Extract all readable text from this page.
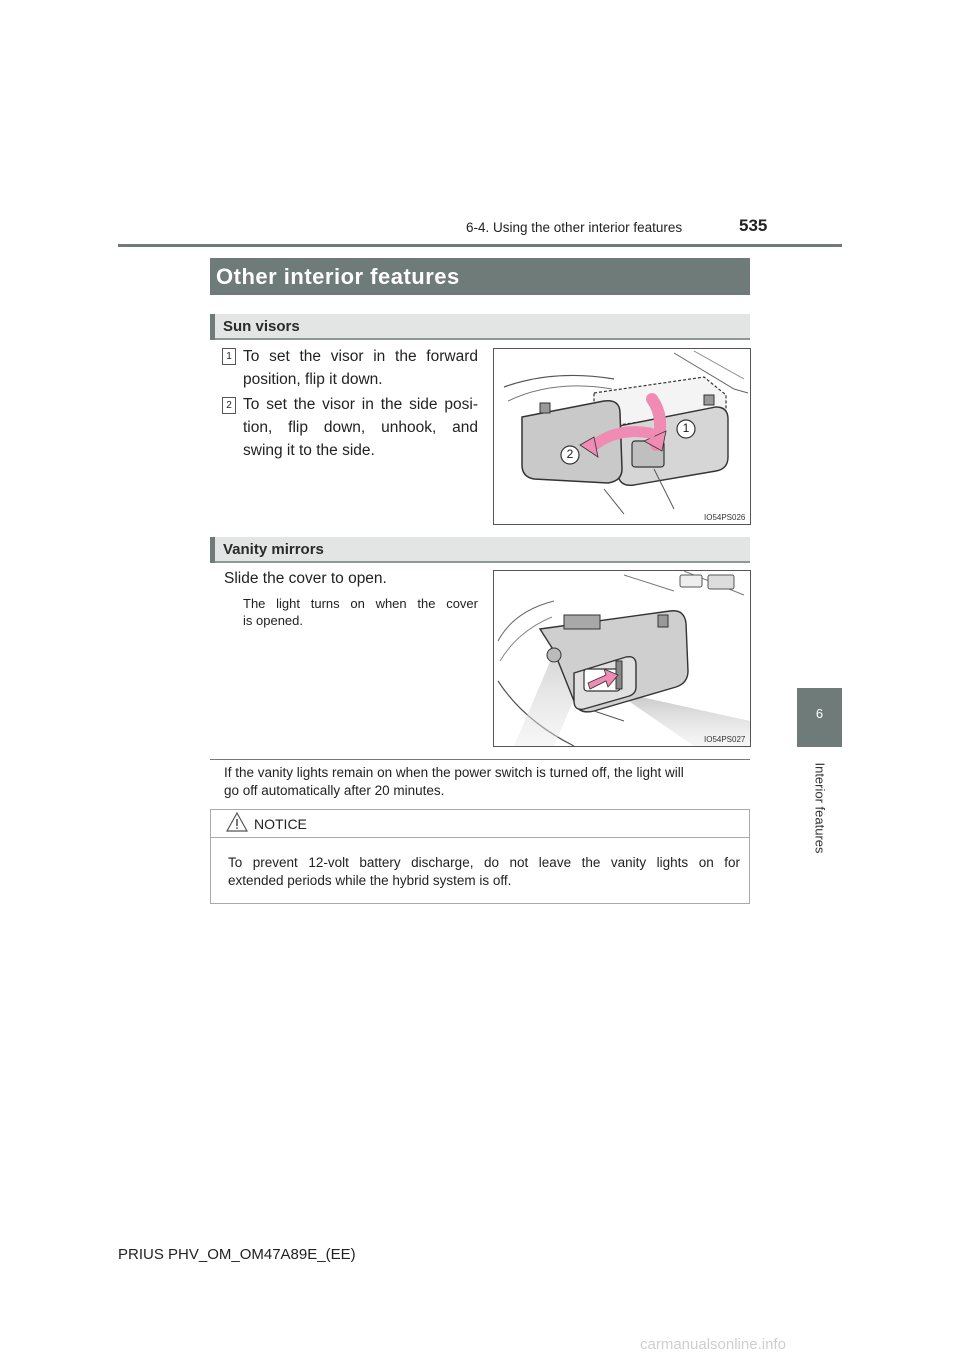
6-4. Using the other interior features	535
6
Interior features
Other interior features
Sun visors
1 To set the visor in the forward
position, flip it down.
2 To set the visor in the side posi-
tion, flip down, unhook, and
swing it to the side.
1
2
IO54PS026
Vanity mirrors
Slide the cover to open.
The light turns on when the cover
is opened.
IO54PS027
If the vanity lights remain on when the power switch is turned off, the light will
go off automatically after 20 minutes.
NOTICE
To prevent 12-volt battery discharge, do not leave the vanity lights on for
extended periods while the hybrid system is off.
PRIUS PHV_OM_OM47A89E_(EE)
carmanualsonline.info
